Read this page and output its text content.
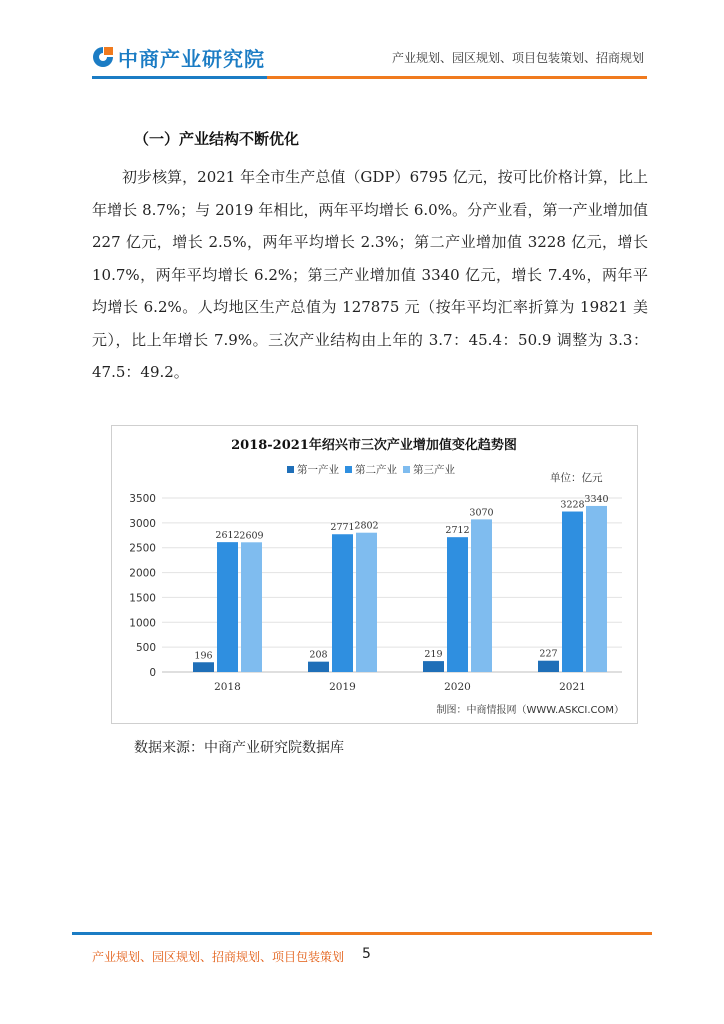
中商产业研究院	产业规划、园区规划、项目包装策划、招商规划
（一）产业结构不断优化

初步核算，2021 年全市生产总值（GDP）6795 亿元，按可比价格计算，比上年增长 8.7%；与 2019 年相比，两年平均增长 6.0%。分产业看，第一产业增加值 227 亿元，增长 2.5%，两年平均增长 2.3%；第二产业增加值 3228 亿元，增长 10.7%，两年平均增长 6.2%；第三产业增加值 3340 亿元，增长 7.4%，两年平均增长 6.2%。人均地区生产总值为 127875 元（按年平均汇率折算为 19821 美元），比上年增长 7.9%。三次产业结构由上年的 3.7：45.4：50.9 调整为 3.3：47.5：49.2。

2018-2021年绍兴市三次产业增加值变化趋势图
第一产业 第二产业 第三产业
单位：亿元
0
500
1000
1500
2000
2500
3000
3500
196
2612 2609
2018
208
2771 2802
2019
219
2712
3070
2020
227
3228
3340
2021
制图：中商情报网（WWW.ASKCI.COM）
数据来源：中商产业研究院数据库
产业规划、园区规划、招商规划、项目包装策划 5
